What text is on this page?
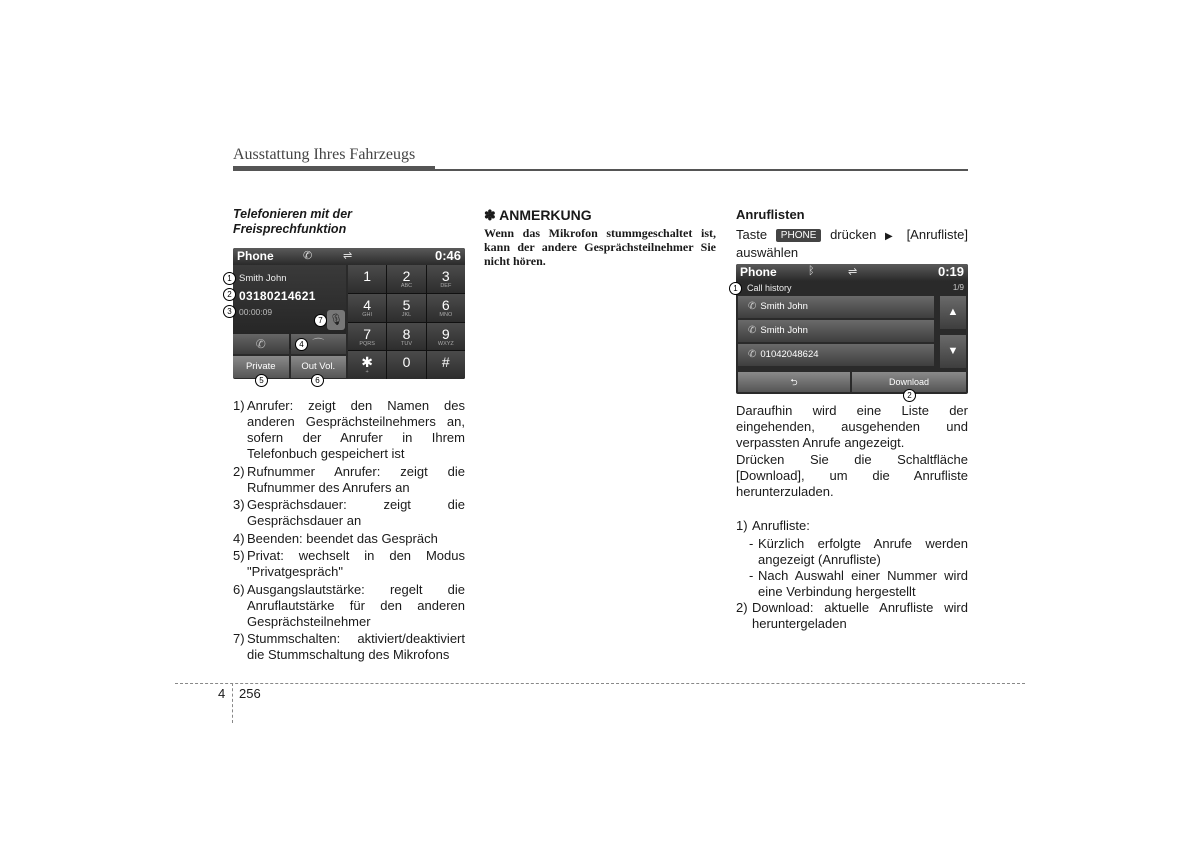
Ausstattung Ihres Fahrzeugs
Telefonieren mit der Freisprechfunktion
Phone	✆	⇌	0:46
Smith John
03180214621
00:00:09
🎙
1	2
ABC
3
DEF
4
GHI
5
JKL
6
MNO
7
PQRS
8
TUV
9
WXYZ
✱
+
0	#
✆	⌒
Private	Out Vol.
1
2
3
4
5	6
7
1) Anrufer: zeigt den Namen des anderen Gesprächsteilnehmers an, sofern der Anrufer in Ihrem Telefonbuch gespeichert ist
2) Rufnummer Anrufer: zeigt die Rufnummer des Anrufers an
3) Gesprächsdauer: zeigt die Gesprächsdauer an
4) Beenden: beendet das Gespräch
5) Privat: wechselt in den Modus "Privatgespräch"
6) Ausgangslautstärke: regelt die Anruflautstärke für den anderen Gesprächsteilnehmer
7) Stummschalten: aktiviert/deaktiviert die Stummschaltung des Mikrofons
✽ ANMERKUNG
Wenn das Mikrofon stummgeschaltet ist, kann der andere Gesprächsteilnehmer Sie nicht hören.
Anruflisten
Taste PHONE drücken ▶ [Anrufliste] auswählen
Phone	ᛒ	⇌	0:19
Call history	1/9
✆ Smith John
✆ Smith John
✆ 01042048624
▲
▼
⮌	Download
1
2
Daraufhin wird eine Liste der eingehenden, ausgehenden und verpassten Anrufe angezeigt.
Drücken Sie die Schaltfläche [Download], um die Anrufliste herunterzuladen.
1) Anrufliste:
- Kürzlich erfolgte Anrufe werden angezeigt (Anrufliste)
- Nach Auswahl einer Nummer wird eine Verbindung hergestellt
2) Download: aktuelle Anrufliste wird heruntergeladen
4 256
